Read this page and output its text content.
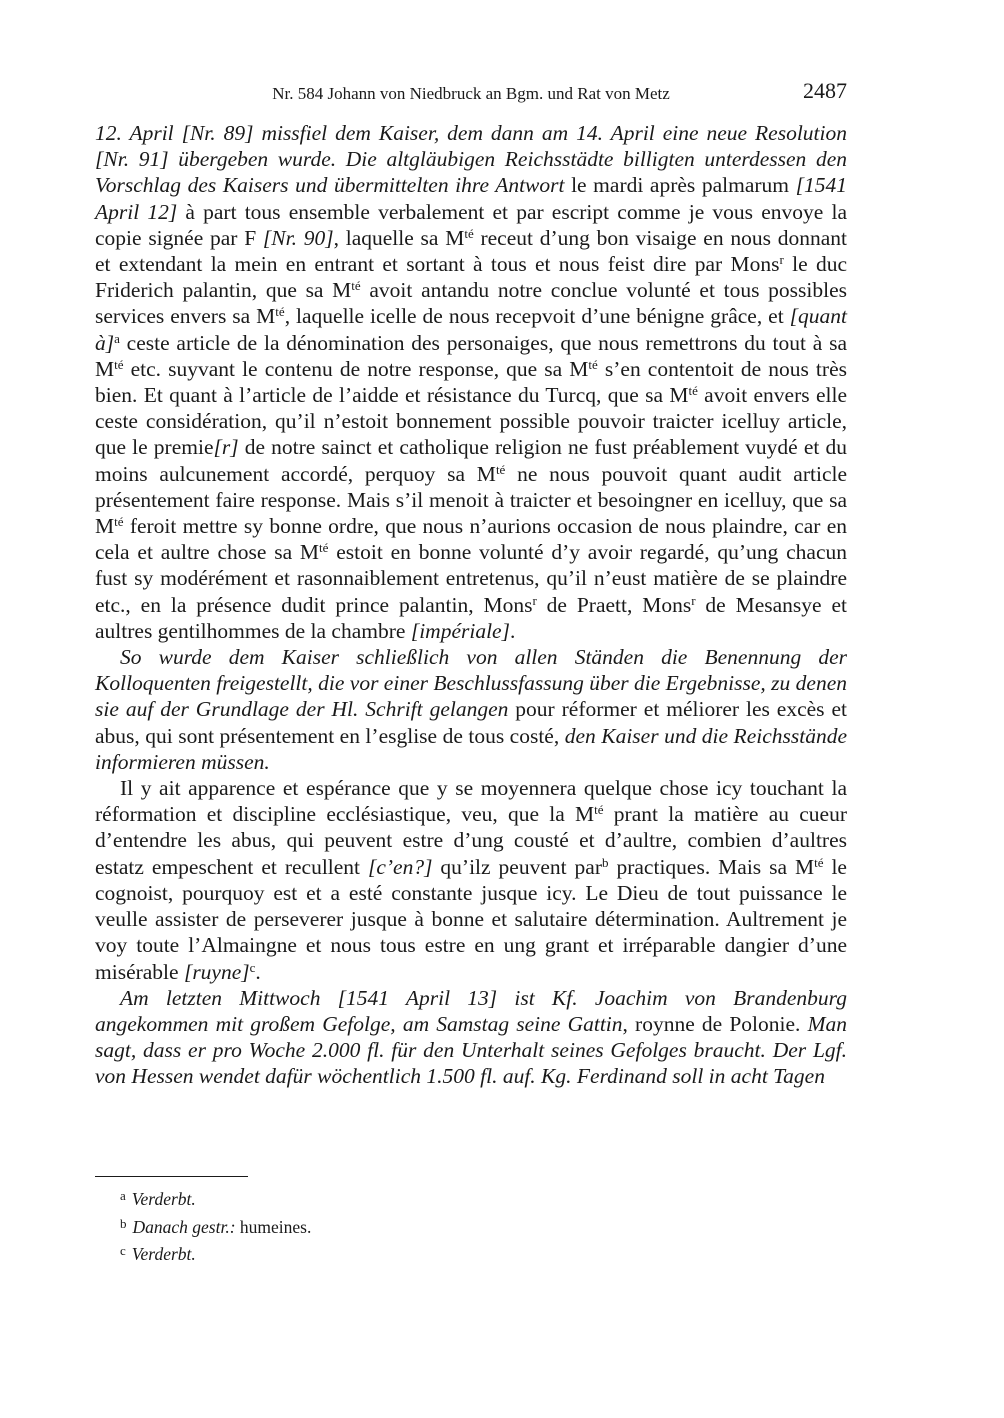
Nr. 584 Johann von Niedbruck an Bgm. und Rat von Metz	2487

12. April [Nr. 89] missfiel dem Kaiser, dem dann am 14. April eine neue Resolution [Nr. 91] übergeben wurde. Die altgläubigen Reichsstädte billigten unterdessen den Vorschlag des Kaisers und übermittelten ihre Antwort le mardi après palmarum [1541 April 12] à part tous ensemble verbalement et par escript comme je vous envoye la copie signée par F [Nr. 90], laquelle sa $M^{té}$ receut d’ung bon visaige en nous donnant et extendant la mein en entrant et sortant à tous et nous feist dire par Mons$^r$ le duc Friderich palantin, que sa $M^{té}$ avoit antandu notre conclue volunté et tous possibles services envers sa $M^{té}$, laquelle icelle de nous recepvoit d’une bénigne grâce, et [quant à]$^a$ ceste article de la dénomination des personaiges, que nous remettrons du tout à sa $M^{té}$ etc. suyvant le contenu de notre response, que sa $M^{té}$ s’en contentoit de nous très bien. Et quant à l’article de l’aidde et résistance du Turcq, que sa $M^{té}$ avoit envers elle ceste considération, qu’il n’estoit bonnement possible pouvoir traicter icelluy article, que le premie[r] de notre sainct et catholique religion ne fust préablement vuydé et du moins aulcunement accordé, perquoy sa $M^{té}$ ne nous pouvoit quant audit article présentement faire response. Mais s’il menoit à traicter et besoingner en icelluy, que sa $M^{té}$ feroit mettre sy bonne ordre, que nous n’aurions occasion de nous plaindre, car en cela et aultre chose sa $M^{té}$ estoit en bonne volunté d’y avoir regardé, qu’ung chacun fust sy modérément et rasonnaiblement entretenus, qu’il n’eust matière de se plaindre etc., en la présence dudit prince palantin, Mons$^r$ de Praett, Mons$^r$ de Mesansye et aultres gentilhommes de la chambre [impériale].

So wurde dem Kaiser schließlich von allen Ständen die Benennung der Kolloquenten freigestellt, die vor einer Beschlussfassung über die Ergebnisse, zu denen sie auf der Grundlage der Hl. Schrift gelangen pour réformer et méliorer les excès et abus, qui sont présentement en l’esglise de tous costé, den Kaiser und die Reichsstände informieren müssen.

Il y ait apparence et espérance que y se moyennera quelque chose icy touchant la réformation et discipline ecclésiastique, veu, que la $M^{té}$ prant la matière au cueur d’entendre les abus, qui peuvent estre d’ung cousté et d’aultre, combien d’aultres estatz empeschent et recullent [c’en?] qu’ilz peuvent par$^b$ practiques. Mais sa $M^{té}$ le cognoist, pourquoy est et a esté constante jusque icy. Le Dieu de tout puissance le veulle assister de perseverer jusque à bonne et salutaire détermination. Aultrement je voy toute l’Almaingne et nous tous estre en ung grant et irréparable dangier d’une misérable [ruyne]$^c$.

Am letzten Mittwoch [1541 April 13] ist Kf. Joachim von Brandenburg angekommen mit großem Gefolge, am Samstag seine Gattin, roynne de Polonie. Man sagt, dass er pro Woche 2.000 fl. für den Unterhalt seines Gefolges braucht. Der Lgf. von Hessen wendet dafür wöchentlich 1.500 fl. auf. Kg. Ferdinand soll in acht Tagen

$^a$ Verderbt.

$^b$ Danach gestr.: humeines.

$^c$ Verderbt.
